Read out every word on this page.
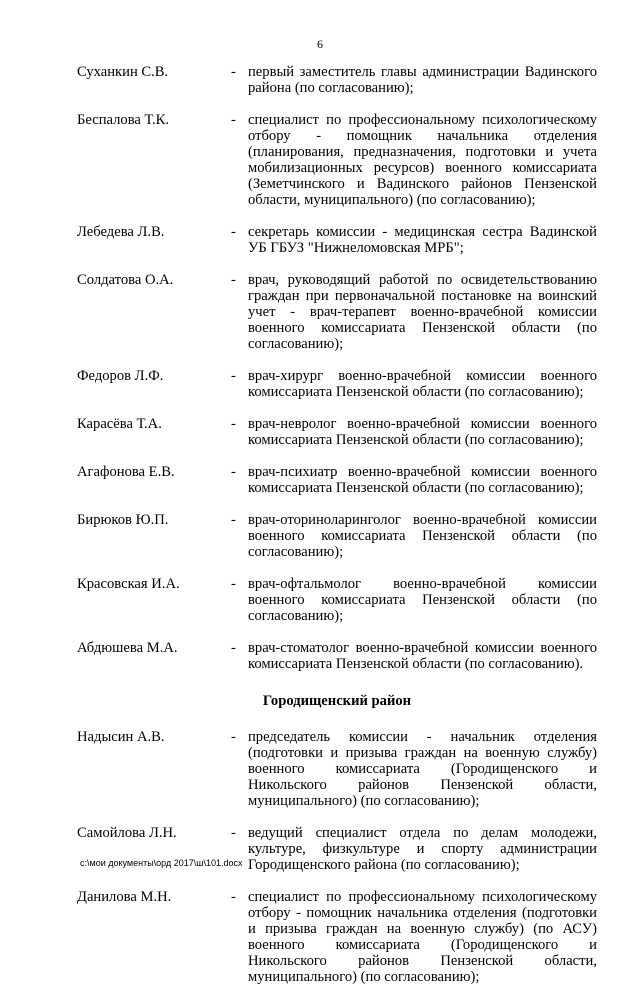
6
Суханкин С.В.	- первый заместитель главы администрации Вадинского района (по согласованию);
Беспалова Т.К.	- специалист по профессиональному психологическому отбору - помощник начальника отделения (планирования, предназначения, подготовки и учета мобилизационных ресурсов) военного комиссариата (Земетчинского и Вадинского районов Пензенской области, муниципального) (по согласованию);
Лебедева Л.В.	- секретарь комиссии - медицинская сестра Вадинской УБ ГБУЗ "Нижнеломовская МРБ";
Солдатова О.А.	- врач, руководящий работой по освидетельствованию граждан при первоначальной постановке на воинский учет - врач-терапевт военно-врачебной комиссии военного комиссариата Пензенской области (по согласованию);
Федоров Л.Ф.	- врач-хирург военно-врачебной комиссии военного комиссариата Пензенской области (по согласованию);
Карасёва Т.А.	- врач-невролог военно-врачебной комиссии военного комиссариата Пензенской области (по согласованию);
Агафонова Е.В.	- врач-психиатр военно-врачебной комиссии военного комиссариата Пензенской области (по согласованию);
Бирюков Ю.П.	- врач-оториноларинголог военно-врачебной комиссии военного комиссариата Пензенской области (по согласованию);
Красовская И.А.	- врач-офтальмолог военно-врачебной комиссии военного комиссариата Пензенской области (по согласованию);
Абдюшева М.А.	- врач-стоматолог военно-врачебной комиссии военного комиссариата Пензенской области (по согласованию).
Городищенский район
Надысин А.В.	- председатель комиссии - начальник отделения (подготовки и призыва граждан на военную службу) военного комиссариата (Городищенского и Никольского районов Пензенской области, муниципального) (по согласованию);
Самойлова Л.Н.	- ведущий специалист отдела по делам молодежи, культуре, физкультуре и спорту администрации Городищенского района (по согласованию);
Данилова М.Н.	- специалист по профессиональному психологическому отбору - помощник начальника отделения (подготовки и призыва граждан на военную службу) (по АСУ) военного комиссариата (Городищенского и Никольского районов Пензенской области, муниципального) (по согласованию);
c:\мои документы\орд 2017\ш\101.docx
